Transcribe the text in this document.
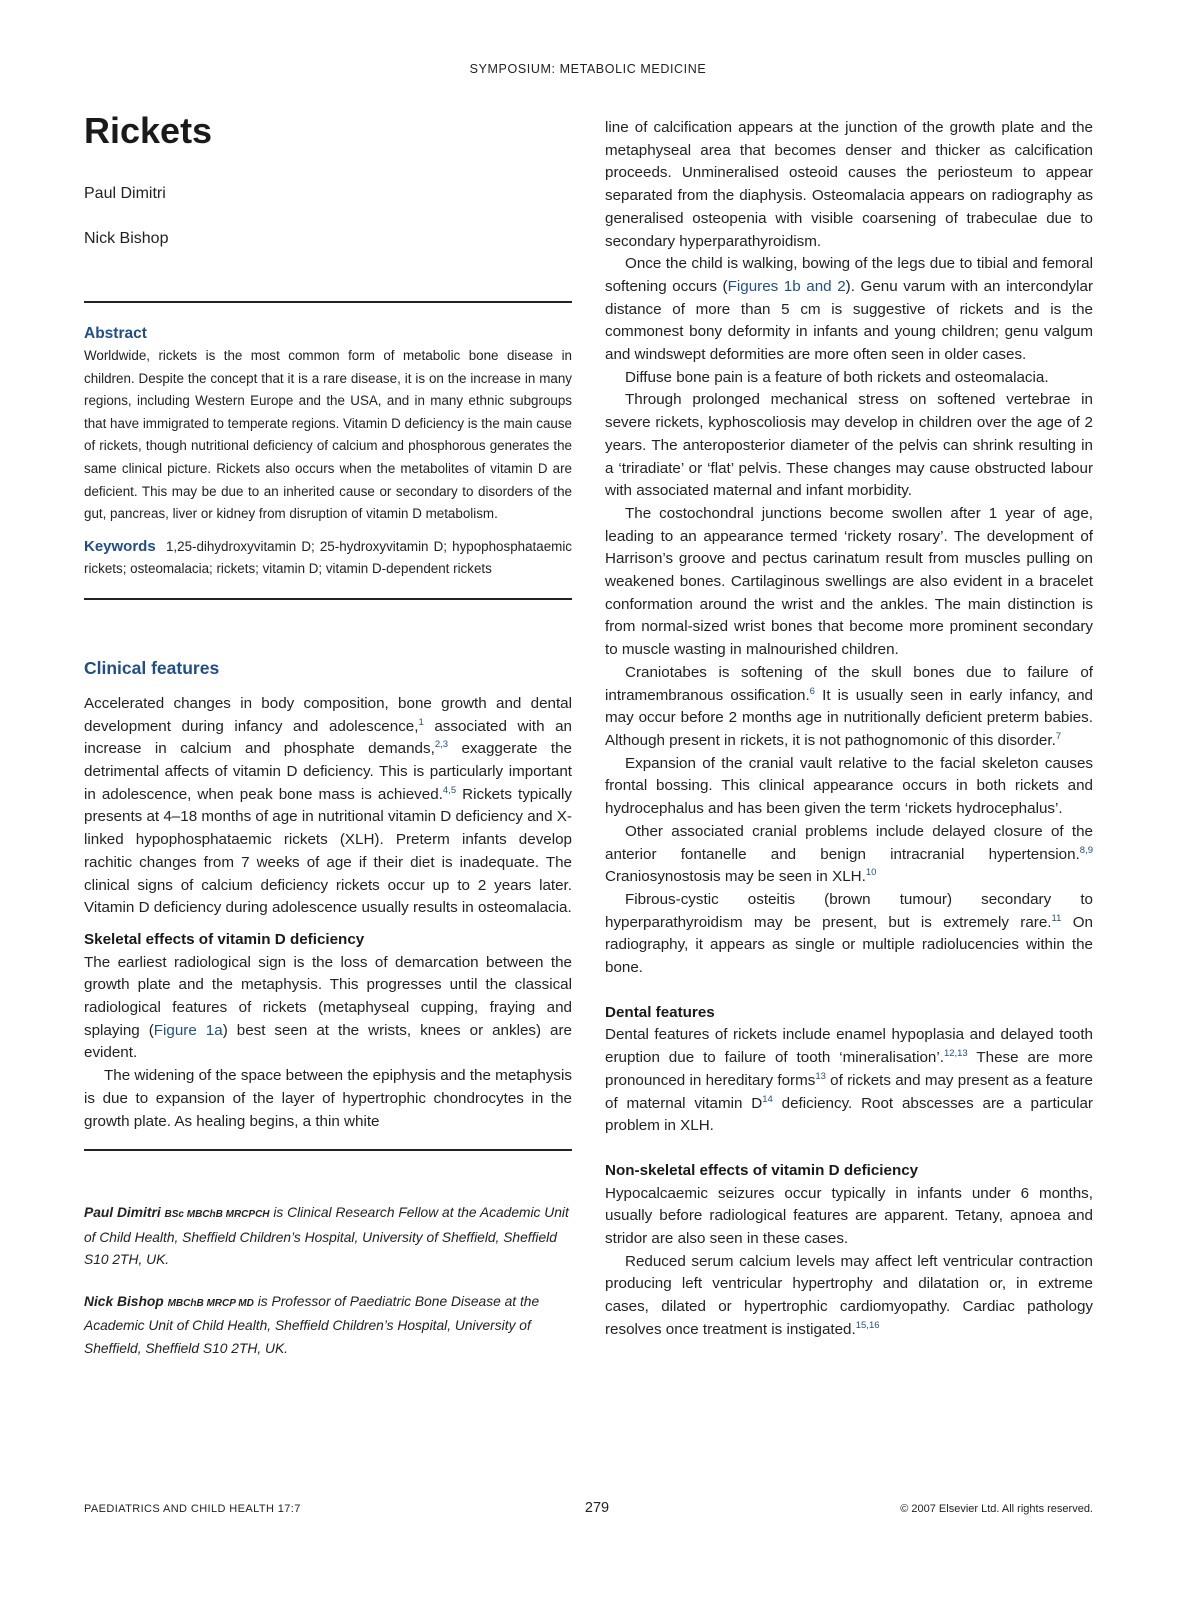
SYMPOSIUM: METABOLIC MEDICINE
Rickets

Paul Dimitri

Nick Bishop

Abstract

Worldwide, rickets is the most common form of metabolic bone disease in children. Despite the concept that it is a rare disease, it is on the increase in many regions, including Western Europe and the USA, and in many ethnic subgroups that have immigrated to temperate regions. Vitamin D deficiency is the main cause of rickets, though nutritional deficiency of calcium and phosphorous generates the same clinical picture. Rickets also occurs when the metabolites of vitamin D are deficient. This may be due to an inherited cause or secondary to disorders of the gut, pancreas, liver or kidney from disruption of vitamin D metabolism.

Keywords 1,25-dihydroxyvitamin D; 25-hydroxyvitamin D; hypophosphataemic rickets; osteomalacia; rickets; vitamin D; vitamin D-dependent rickets

Clinical features

Accelerated changes in body composition, bone growth and dental development during infancy and adolescence,$^1$ associated with an increase in calcium and phosphate demands,$^{2,3}$ exaggerate the detrimental affects of vitamin D deficiency. This is particularly important in adolescence, when peak bone mass is achieved.$^{4,5}$ Rickets typically presents at 4–18 months of age in nutritional vitamin D deficiency and X-linked hypophosphataemic rickets (XLH). Preterm infants develop rachitic changes from 7 weeks of age if their diet is inadequate. The clinical signs of calcium deficiency rickets occur up to 2 years later. Vitamin D deficiency during adolescence usually results in osteomalacia.

Skeletal effects of vitamin D deficiency

The earliest radiological sign is the loss of demarcation between the growth plate and the metaphysis. This progresses until the classical radiological features of rickets (metaphyseal cupping, fraying and splaying (Figure 1a) best seen at the wrists, knees or ankles) are evident.

The widening of the space between the epiphysis and the metaphysis is due to expansion of the layer of hypertrophic chondrocytes in the growth plate. As healing begins, a thin white

Paul Dimitri BSc MBChB MRCPCH is Clinical Research Fellow at the Academic Unit of Child Health, Sheffield Children’s Hospital, University of Sheffield, Sheffield S10 2TH, UK.

Nick Bishop MBChB MRCP MD is Professor of Paediatric Bone Disease at the Academic Unit of Child Health, Sheffield Children’s Hospital, University of Sheffield, Sheffield S10 2TH, UK.

line of calcification appears at the junction of the growth plate and the metaphyseal area that becomes denser and thicker as calcification proceeds. Unmineralised osteoid causes the periosteum to appear separated from the diaphysis. Osteomalacia appears on radiography as generalised osteopenia with visible coarsening of trabeculae due to secondary hyperparathyroidism.

Once the child is walking, bowing of the legs due to tibial and femoral softening occurs (Figures 1b and 2). Genu varum with an intercondylar distance of more than 5 cm is suggestive of rickets and is the commonest bony deformity in infants and young children; genu valgum and windswept deformities are more often seen in older cases.

Diffuse bone pain is a feature of both rickets and osteomalacia.

Through prolonged mechanical stress on softened vertebrae in severe rickets, kyphoscoliosis may develop in children over the age of 2 years. The anteroposterior diameter of the pelvis can shrink resulting in a ‘triradiate’ or ‘flat’ pelvis. These changes may cause obstructed labour with associated maternal and infant morbidity.

The costochondral junctions become swollen after 1 year of age, leading to an appearance termed ‘rickety rosary’. The development of Harrison’s groove and pectus carinatum result from muscles pulling on weakened bones. Cartilaginous swellings are also evident in a bracelet conformation around the wrist and the ankles. The main distinction is from normal-sized wrist bones that become more prominent secondary to muscle wasting in malnourished children.

Craniotabes is softening of the skull bones due to failure of intramembranous ossification.$^6$ It is usually seen in early infancy, and may occur before 2 months age in nutritionally deficient preterm babies. Although present in rickets, it is not pathognomonic of this disorder.$^7$

Expansion of the cranial vault relative to the facial skeleton causes frontal bossing. This clinical appearance occurs in both rickets and hydrocephalus and has been given the term ‘rickets hydrocephalus’.

Other associated cranial problems include delayed closure of the anterior fontanelle and benign intracranial hypertension.$^{8,9}$ Craniosynostosis may be seen in XLH.$^{10}$

Fibrous-cystic osteitis (brown tumour) secondary to hyperparathyroidism may be present, but is extremely rare.$^{11}$ On radiography, it appears as single or multiple radiolucencies within the bone.

Dental features

Dental features of rickets include enamel hypoplasia and delayed tooth eruption due to failure of tooth ‘mineralisation’.$^{12,13}$ These are more pronounced in hereditary forms$^{13}$ of rickets and may present as a feature of maternal vitamin $D^{14}$ deficiency. Root abscesses are a particular problem in XLH.

Non-skeletal effects of vitamin D deficiency

Hypocalcaemic seizures occur typically in infants under 6 months, usually before radiological features are apparent. Tetany, apnoea and stridor are also seen in these cases.

Reduced serum calcium levels may affect left ventricular contraction producing left ventricular hypertrophy and dilatation or, in extreme cases, dilated or hypertrophic cardiomyopathy. Cardiac pathology resolves once treatment is instigated.$^{15,16}$

PAEDIATRICS AND CHILD HEALTH 17:7	279	© 2007 Elsevier Ltd. All rights reserved.
